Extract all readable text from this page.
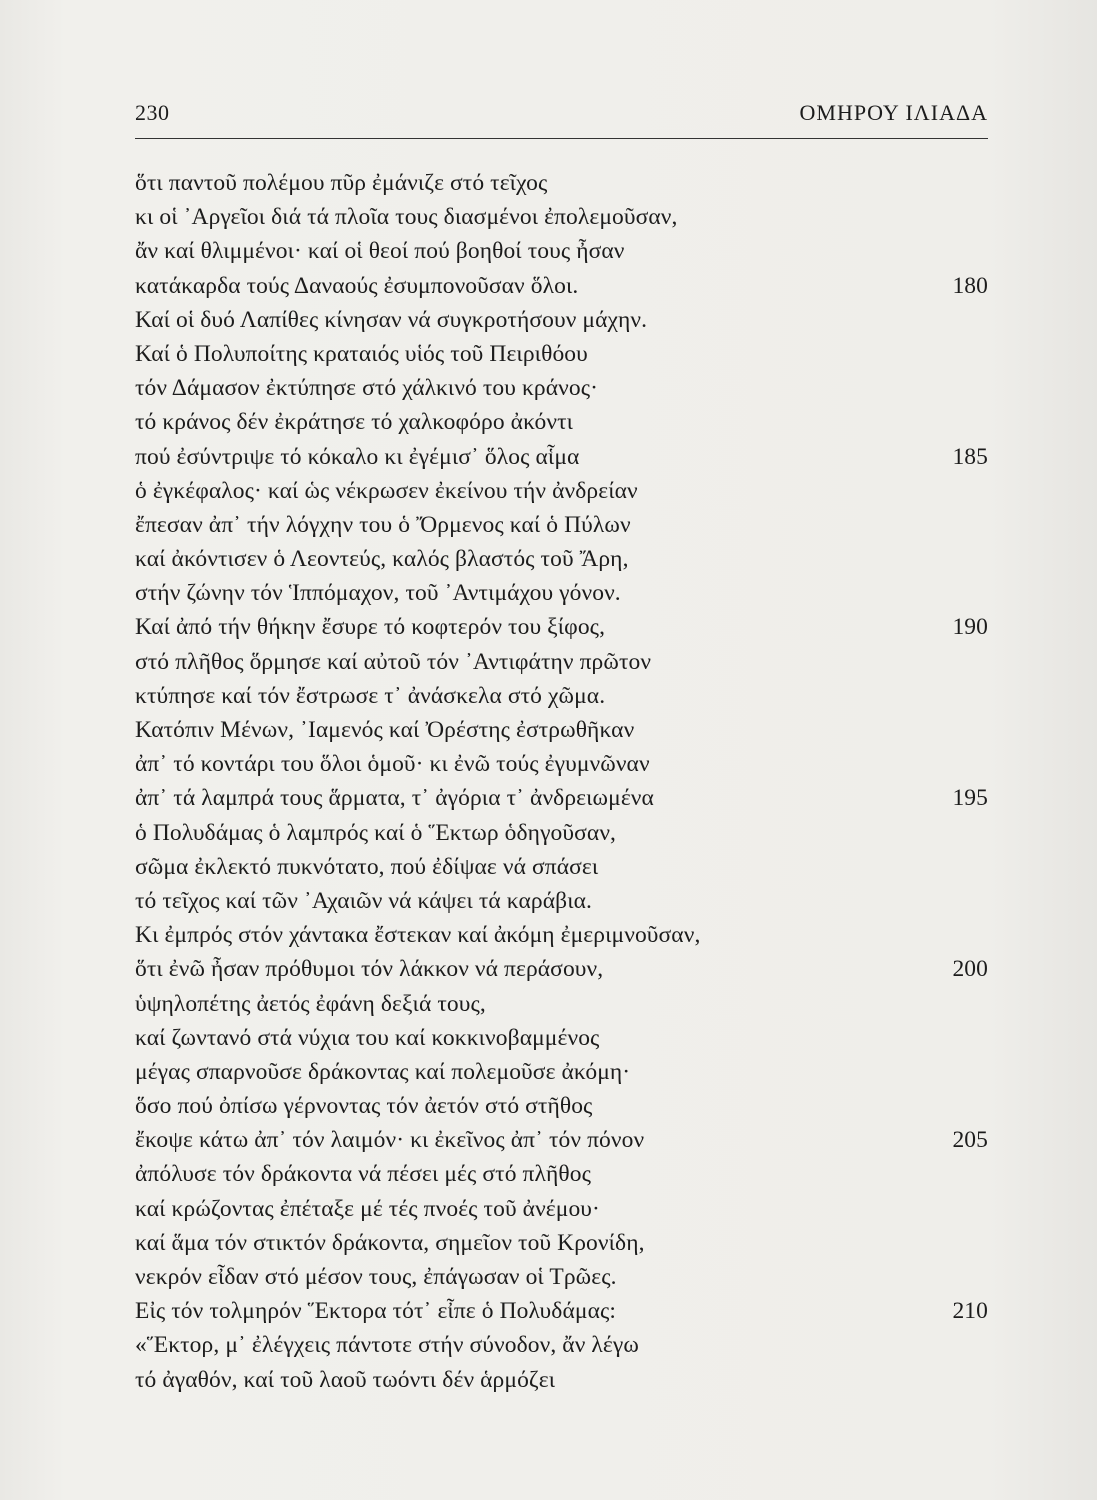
230	ΟΜΗΡΟΥ ΙΛΙΑΔΑ
ὅτι παντοῦ πολέμου πῦρ ἐμάνιζε στό τεῖχος
κι οἱ ᾿Αργεῖοι διά τά πλοῖα τους διασμένοι ἐπολεμοῦσαν,
ἄν καί θλιμμένοι· καί οἱ θεοί πού βοηθοί τους ἦσαν
κατάκαρδα τούς Δαναούς ἐσυμπονοῦσαν ὅλοι.	180
Καί οἱ δυό Λαπίθες κίνησαν νά συγκροτήσουν μάχην.
Καί ὁ Πολυποίτης κραταιός υἱός τοῦ Πειριθόου
τόν Δάμασον ἐκτύπησε στό χάλκινό του κράνος·
τό κράνος δέν ἐκράτησε τό χαλκοφόρο ἀκόντι
πού ἐσύντριψε τό κόκαλο κι ἐγέμισ᾿ ὅλος αἷμα	185
ὁ ἐγκέφαλος· καί ὡς νέκρωσεν ἐκείνου τήν ἀνδρείαν
ἔπεσαν ἀπ᾿ τήν λόγχην του ὁ Ὄρμενος καί ὁ Πύλων
καί ἀκόντισεν ὁ Λεοντεύς, καλός βλαστός τοῦ Ἄρη,
στήν ζώνην τόν Ἱππόμαχον, τοῦ ᾿Αντιμάχου γόνον.
Καί ἀπό τήν θήκην ἔσυρε τό κοφτερόν του ξίφος,	190
στό πλῆθος ὅρμησε καί αὐτοῦ τόν ᾿Αντιφάτην πρῶτον
κτύπησε καί τόν ἔστρωσε τ᾿ ἀνάσκελα στό χῶμα.
Κατόπιν Μένων, ᾿Ιαμενός καί Ὀρέστης ἐστρωθῆκαν
ἀπ᾿ τό κοντάρι του ὅλοι ὁμοῦ· κι ἐνῶ τούς ἐγυμνῶναν
ἀπ᾿ τά λαμπρά τους ἅρματα, τ᾿ ἀγόρια τ᾿ ἀνδρειωμένα	195
ὁ Πολυδάμας ὁ λαμπρός καί ὁ Ἕκτωρ ὁδηγοῦσαν,
σῶμα ἐκλεκτό πυκνότατο, πού ἐδίψαε νά σπάσει
τό τεῖχος καί τῶν ᾿Αχαιῶν νά κάψει τά καράβια.
Κι ἐμπρός στόν χάντακα ἔστεκαν καί ἀκόμη ἐμεριμνοῦσαν,
ὅτι ἐνῶ ἦσαν πρόθυμοι τόν λάκκον νά περάσουν,	200
ὑψηλοπέτης ἀετός ἐφάνη δεξιά τους,
καί ζωντανό στά νύχια του καί κοκκινοβαμμένος
μέγας σπαρνοῦσε δράκοντας καί πολεμοῦσε ἀκόμη·
ὅσο πού ὀπίσω γέρνοντας τόν ἀετόν στό στῆθος
ἔκοψε κάτω ἀπ᾿ τόν λαιμόν· κι ἐκεῖνος ἀπ᾿ τόν πόνον	205
ἀπόλυσε τόν δράκοντα νά πέσει μές στό πλῆθος
καί κρώζοντας ἐπέταξε μέ τές πνοές τοῦ ἀνέμου·
καί ἅμα τόν στικτόν δράκοντα, σημεῖον τοῦ Κρονίδη,
νεκρόν εἶδαν στό μέσον τους, ἐπάγωσαν οἱ Τρῶες.
Εἰς τόν τολμηρόν Ἕκτορα τότ᾿ εἶπε ὁ Πολυδάμας:	210
«Ἕκτορ, μ᾿ ἐλέγχεις πάντοτε στήν σύνοδον, ἄν λέγω
τό ἀγαθόν, καί τοῦ λαοῦ τωόντι δέν ἁρμόζει
